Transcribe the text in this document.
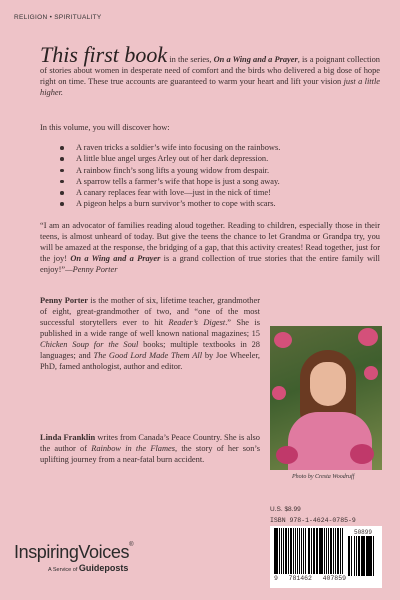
RELIGION • SPIRITUALITY
This first book in the series, On a Wing and a Prayer, is a poignant collection of stories about women in desperate need of comfort and the birds who delivered a big dose of hope right on time. These true accounts are guaranteed to warm your heart and lift your vision just a little higher.
In this volume, you will discover how:
A raven tricks a soldier’s wife into focusing on the rainbows.
A little blue angel urges Arley out of her dark depression.
A rainbow finch’s song lifts a young widow from despair.
A sparrow tells a farmer’s wife that hope is just a song away.
A canary replaces fear with love—just in the nick of time!
A pigeon helps a burn survivor’s mother to cope with scars.
“I am an advocator of families reading aloud together. Reading to children, especially those in their teens, is almost unheard of today. But give the teens the chance to let Grandma or Grandpa try, you will be amazed at the response, the bridging of a gap, that this activity creates! Read together, just for the joy! On a Wing and a Prayer is a grand collection of true stories that the entire family will enjoy!”—Penny Porter
Penny Porter is the mother of six, lifetime teacher, grandmother of eight, great-grandmother of two, and “one of the most successful storytellers ever to hit Reader’s Digest.” She is published in a wide range of well known national magazines; 15 Chicken Soup for the Soul books; multiple textbooks in 28 languages; and The Good Lord Made Them All by Joe Wheeler, PhD, famed anthologist, author and editor.
Photo by Cresta Woodruff
Linda Franklin writes from Canada’s Peace Country. She is also the author of Rainbow in the Flames, the story of her son’s uplifting journey from a near-fatal burn accident.
U.S. $8.99
ISBN 978-1-4624-0785-9
9 781462 407859
50899
InspiringVoices®
A Service of Guideposts
